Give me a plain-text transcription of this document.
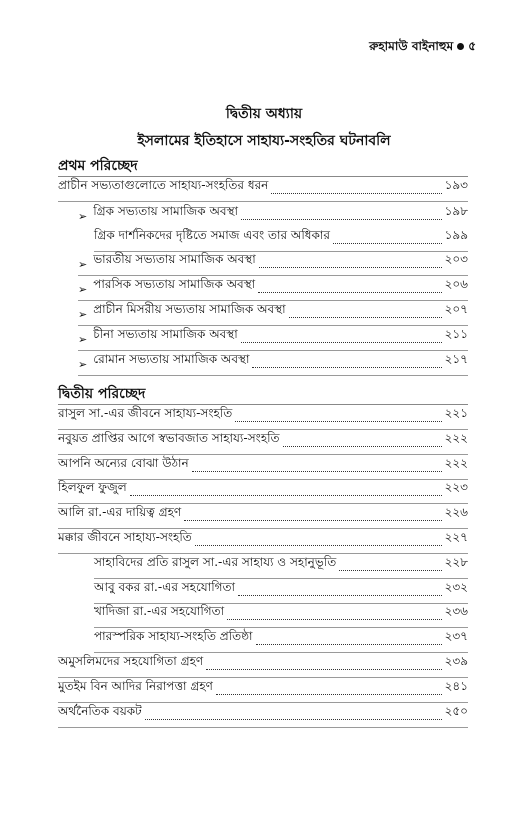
রুহামাউ বাইনাহুম ৫
দ্বিতীয় অধ্যায়
ইসলামের ইতিহাসে সাহায্য-সংহতির ঘটনাবলি
প্রথম পরিচ্ছেদ
প্রাচীন সভ্যতাগুলোতে সাহায্য-সংহতির ধরন	১৯৩
➢ গ্রিক সভ্যতায় সামাজিক অবস্থা	১৯৮
গ্রিক দার্শনিকদের দৃষ্টিতে সমাজ এবং তার অধিকার	১৯৯
➢ ভারতীয় সভ্যতায় সামাজিক অবস্থা	২০৩
➢ পারসিক সভ্যতায় সামাজিক অবস্থা	২০৬
➢ প্রাচীন মিসরীয় সভ্যতায় সামাজিক অবস্থা	২০৭
➢ চীনা সভ্যতায় সামাজিক অবস্থা	২১১
➢ রোমান সভ্যতায় সামাজিক অবস্থা	২১৭
দ্বিতীয় পরিচ্ছেদ
রাসুল সা.-এর জীবনে সাহায্য-সংহতি	২২১
নবুয়ত প্রাপ্তির আগে স্বভাবজাত সাহায্য-সংহতি	২২২
আপনি অন্যের বোঝা উঠান	২২২
হিলফুল ফুজুল	২২৩
আলি রা.-এর দায়িত্ব গ্রহণ	২২৬
মক্কার জীবনে সাহায্য-সংহতি	২২৭
সাহাবিদের প্রতি রাসুল সা.-এর সাহায্য ও সহানুভূতি	২২৮
আবু বকর রা.-এর সহযোগিতা	২৩২
খাদিজা রা.-এর সহযোগিতা	২৩৬
পারস্পরিক সাহায্য-সংহতি প্রতিষ্ঠা	২৩৭
অমুসলিমদের সহযোগিতা গ্রহণ	২৩৯
মুতইম বিন আদির নিরাপত্তা গ্রহণ	২৪১
অর্থনৈতিক বয়কট	২৫০
